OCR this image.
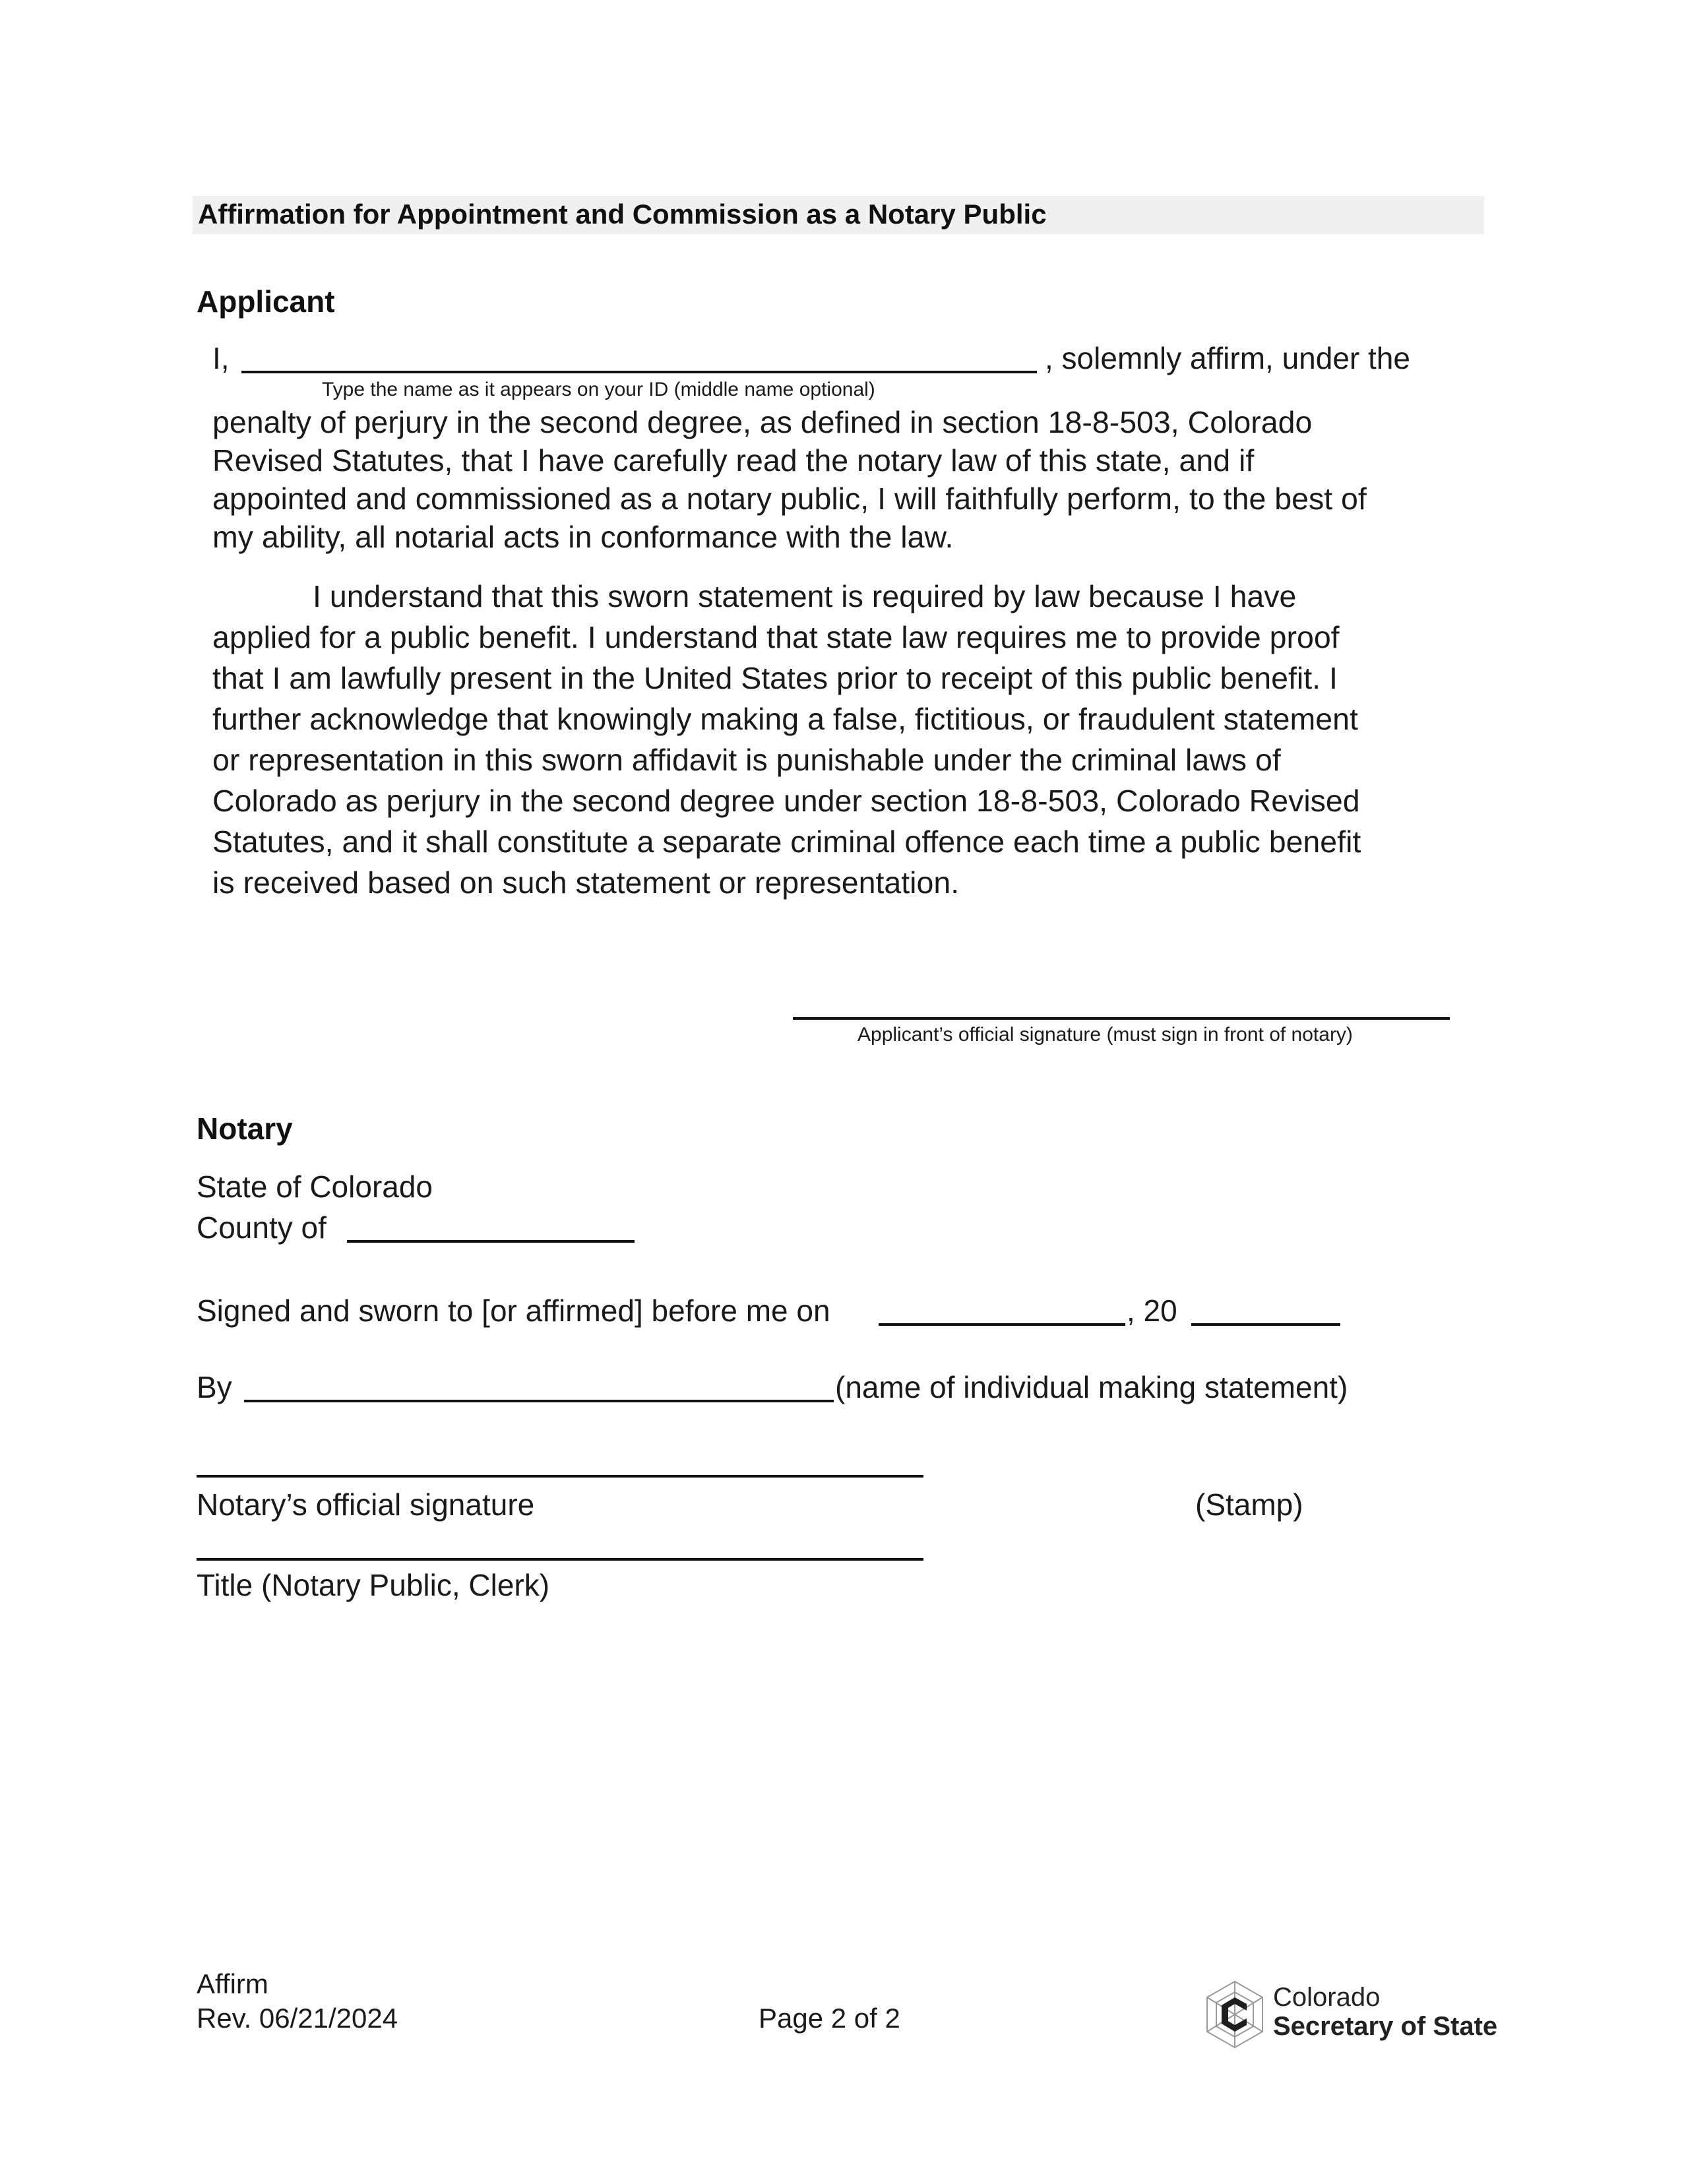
Affirmation for Appointment and Commission as a Notary Public
Applicant
I,	, solemnly affirm, under the
Type the name as it appears on your ID (middle name optional)
penalty of perjury in the second degree, as defined in section 18-8-503, Colorado
Revised Statutes, that I have carefully read the notary law of this state, and if
appointed and commissioned as a notary public, I will faithfully perform, to the best of
my ability, all notarial acts in conformance with the law.
I understand that this sworn statement is required by law because I have
applied for a public benefit. I understand that state law requires me to provide proof
that I am lawfully present in the United States prior to receipt of this public benefit. I
further acknowledge that knowingly making a false, fictitious, or fraudulent statement
or representation in this sworn affidavit is punishable under the criminal laws of
Colorado as perjury in the second degree under section 18-8-503, Colorado Revised
Statutes, and it shall constitute a separate criminal offence each time a public benefit
is received based on such statement or representation.
Applicant’s official signature (must sign in front of notary)
Notary
State of Colorado
County of
Signed and sworn to [or affirmed] before me on	, 20
By	(name of individual making statement)
Notary’s official signature	(Stamp)
Title (Notary Public, Clerk)
Affirm
Rev. 06/21/2024	Page 2 of 2
Colorado
Secretary of State
